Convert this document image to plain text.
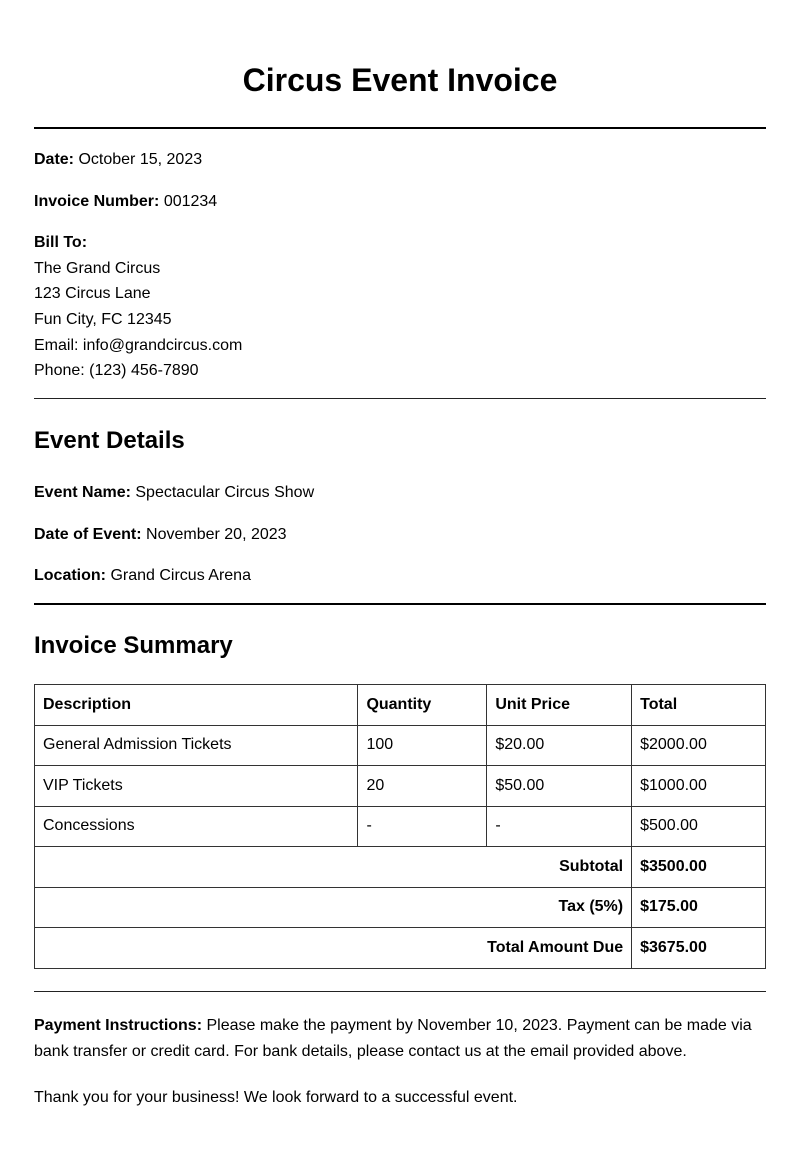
Circus Event Invoice

Date: October 15, 2023

Invoice Number: 001234

Bill To:

The Grand Circus

123 Circus Lane

Fun City, FC 12345

Email: info@grandcircus.com

Phone: (123) 456-7890

Event Details

Event Name: Spectacular Circus Show

Date of Event: November 20, 2023

Location: Grand Circus Arena

Invoice Summary
Description	Quantity	Unit Price	Total
General Admission Tickets	100	$20.00	$2000.00
VIP Tickets	20	$50.00	$1000.00
Concessions	-	-	$500.00
Subtotal			$3500.00
Tax (5%)			$175.00
Total Amount Due			$3675.00

Payment Instructions: Please make the payment by November 10, 2023. Payment can be made via bank transfer or credit card. For bank details, please contact us at the email provided above.

Thank you for your business! We look forward to a successful event.
